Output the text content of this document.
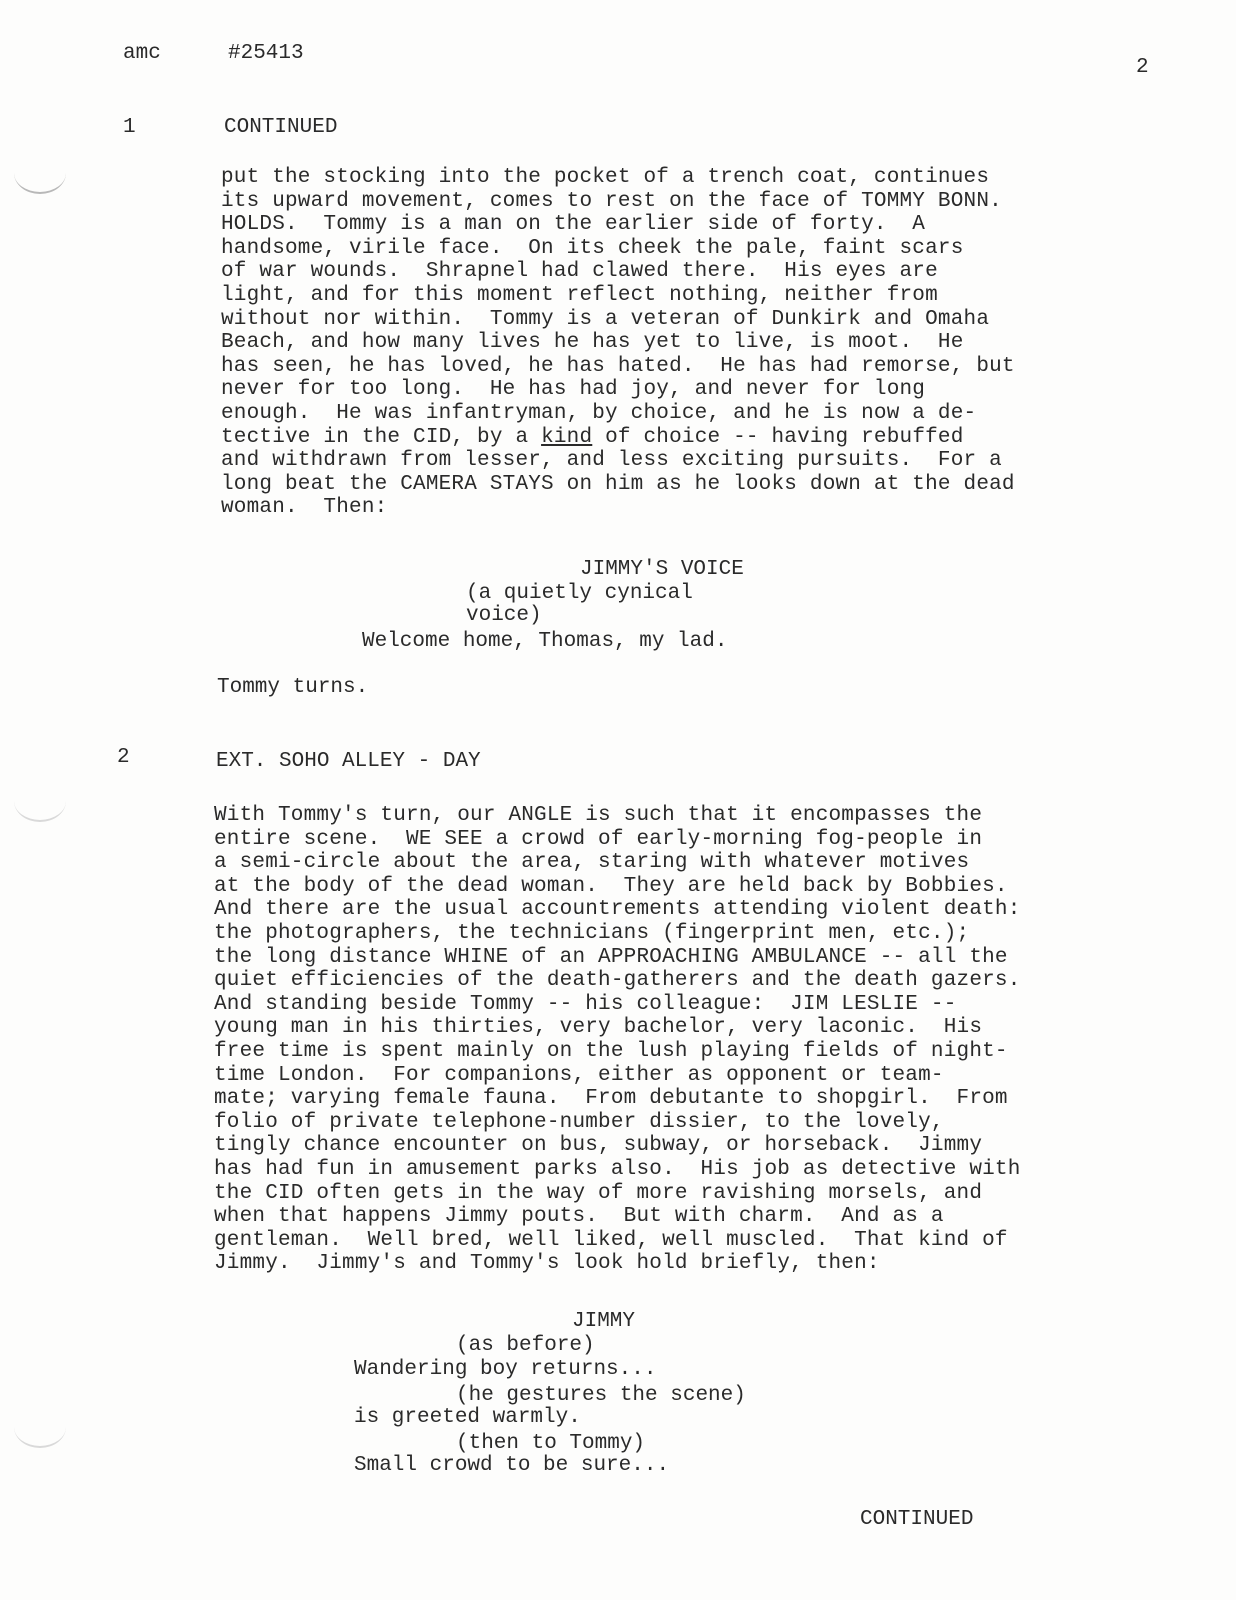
amc	#25413
2
1	CONTINUED
put the stocking into the pocket of a trench coat, continues
its upward movement, comes to rest on the face of TOMMY BONN.
HOLDS.  Tommy is a man on the earlier side of forty.  A
handsome, virile face.  On its cheek the pale, faint scars
of war wounds.  Shrapnel had clawed there.  His eyes are
light, and for this moment reflect nothing, neither from
without nor within.  Tommy is a veteran of Dunkirk and Omaha
Beach, and how many lives he has yet to live, is moot.  He
has seen, he has loved, he has hated.  He has had remorse, but
never for too long.  He has had joy, and never for long
enough.  He was infantryman, by choice, and he is now a de-
tective in the CID, by a kind of choice -- having rebuffed
and withdrawn from lesser, and less exciting pursuits.  For a
long beat the CAMERA STAYS on him as he looks down at the dead
woman.  Then:
JIMMY'S VOICE
(a quietly cynical
voice)
Welcome home, Thomas, my lad.
Tommy turns.
2	EXT. SOHO ALLEY - DAY
With Tommy's turn, our ANGLE is such that it encompasses the
entire scene.  WE SEE a crowd of early-morning fog-people in
a semi-circle about the area, staring with whatever motives
at the body of the dead woman.  They are held back by Bobbies.
And there are the usual accountrements attending violent death:
the photographers, the technicians (fingerprint men, etc.);
the long distance WHINE of an APPROACHING AMBULANCE -- all the
quiet efficiencies of the death-gatherers and the death gazers.
And standing beside Tommy -- his colleague:  JIM LESLIE --
young man in his thirties, very bachelor, very laconic.  His
free time is spent mainly on the lush playing fields of night-
time London.  For companions, either as opponent or team-
mate; varying female fauna.  From debutante to shopgirl.  From
folio of private telephone-number dissier, to the lovely,
tingly chance encounter on bus, subway, or horseback.  Jimmy
has had fun in amusement parks also.  His job as detective with
the CID often gets in the way of more ravishing morsels, and
when that happens Jimmy pouts.  But with charm.  And as a
gentleman.  Well bred, well liked, well muscled.  That kind of
Jimmy.  Jimmy's and Tommy's look hold briefly, then:
JIMMY
(as before)
Wandering boy returns...
(he gestures the scene)
is greeted warmly.
(then to Tommy)
Small crowd to be sure...
CONTINUED
